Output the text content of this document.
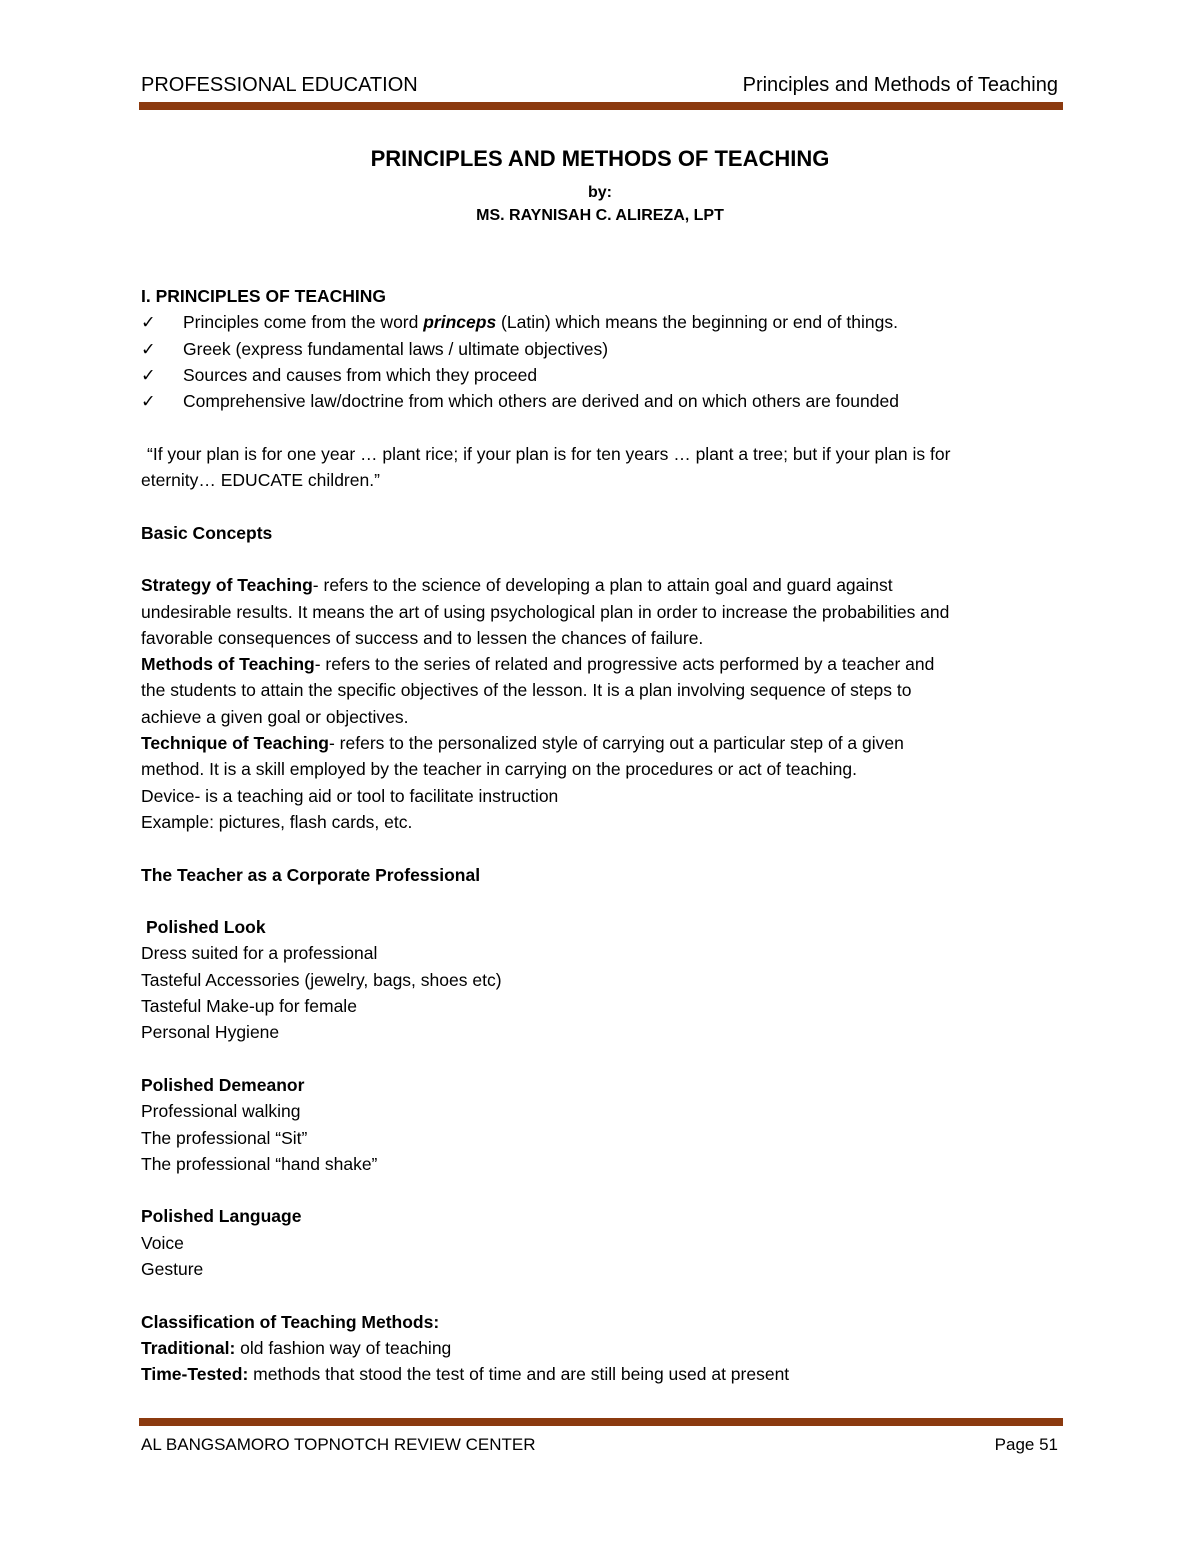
PROFESSIONAL EDUCATION	Principles and Methods of Teaching
PRINCIPLES AND METHODS OF TEACHING
by:
MS. RAYNISAH C. ALIREZA, LPT
I. PRINCIPLES OF TEACHING
✓ Principles come from the word princeps (Latin) which means the beginning or end of things.
✓ Greek (express fundamental laws / ultimate objectives)
✓ Sources and causes from which they proceed
✓ Comprehensive law/doctrine from which others are derived and on which others are founded
“If your plan is for one year … plant rice; if your plan is for ten years … plant a tree; but if your plan is for
eternity… EDUCATE children.”
Basic Concepts
Strategy of Teaching- refers to the science of developing a plan to attain goal and guard against
undesirable results. It means the art of using psychological plan in order to increase the probabilities and
favorable consequences of success and to lessen the chances of failure.
Methods of Teaching- refers to the series of related and progressive acts performed by a teacher and
the students to attain the specific objectives of the lesson. It is a plan involving sequence of steps to
achieve a given goal or objectives.
Technique of Teaching- refers to the personalized style of carrying out a particular step of a given
method. It is a skill employed by the teacher in carrying on the procedures or act of teaching.
Device- is a teaching aid or tool to facilitate instruction
Example: pictures, flash cards, etc.
The Teacher as a Corporate Professional
Polished Look
Dress suited for a professional
Tasteful Accessories (jewelry, bags, shoes etc)
Tasteful Make-up for female
Personal Hygiene
Polished Demeanor
Professional walking
The professional “Sit”
The professional “hand shake”
Polished Language
Voice
Gesture
Classification of Teaching Methods:
Traditional: old fashion way of teaching
Time-Tested: methods that stood the test of time and are still being used at present
AL BANGSAMORO TOPNOTCH REVIEW CENTER	Page 51
